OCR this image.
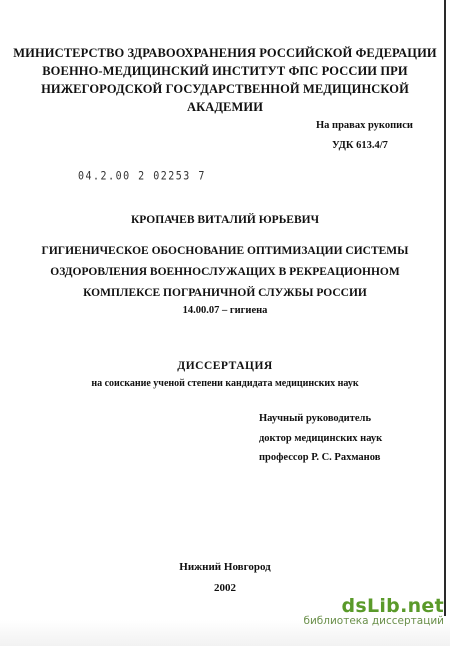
МИНИСТЕРСТВО ЗДРАВООХРАНЕНИЯ РОССИЙСКОЙ ФЕДЕРАЦИИ
ВОЕННО-МЕДИЦИНСКИЙ ИНСТИТУТ ФПС РОССИИ ПРИ
НИЖЕГОРОДСКОЙ ГОСУДАРСТВЕННОЙ МЕДИЦИНСКОЙ
АКАДЕМИИ
На правах рукописи
УДК 613.4/7
04.2.00 2 02253 7
КРОПАЧЕВ ВИТАЛИЙ ЮРЬЕВИЧ
ГИГИЕНИЧЕСКОЕ ОБОСНОВАНИЕ ОПТИМИЗАЦИИ СИСТЕМЫ
ОЗДОРОВЛЕНИЯ ВОЕННОСЛУЖАЩИХ В РЕКРЕАЦИОННОМ
КОМПЛЕКСЕ ПОГРАНИЧНОЙ СЛУЖБЫ РОССИИ
14.00.07 – гигиена
ДИССЕРТАЦИЯ
на соискание ученой степени кандидата медицинских наук
Научный руководитель
доктор медицинских наук
профессор Р. С. Рахманов
Нижний Новгород
2002
dsLib.net
библиотека диссертаций
